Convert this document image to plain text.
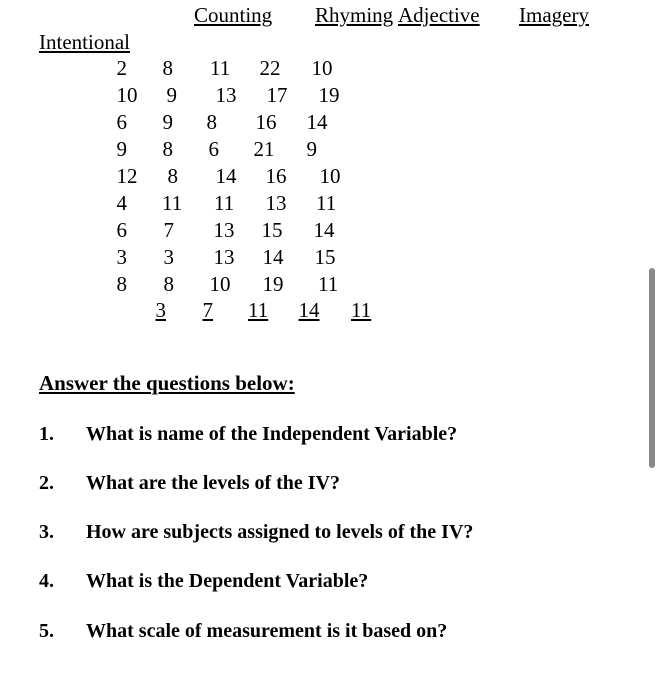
Counting Rhyming Adjective Imagery
Intentional
2 8 11 22 10
10 9 13 17 19
6 9 8 16 14
9 8 6 21 9
12 8 14 16 10
4 11 11 13 11
6 7 13 15 14
3 3 13 14 15
8 8 10 19 11
3 7 11 14 11
Answer the questions below:
1. What is name of the Independent Variable?
2. What are the levels of the IV?
3. How are subjects assigned to levels of the IV?
4. What is the Dependent Variable?
5. What scale of measurement is it based on?
